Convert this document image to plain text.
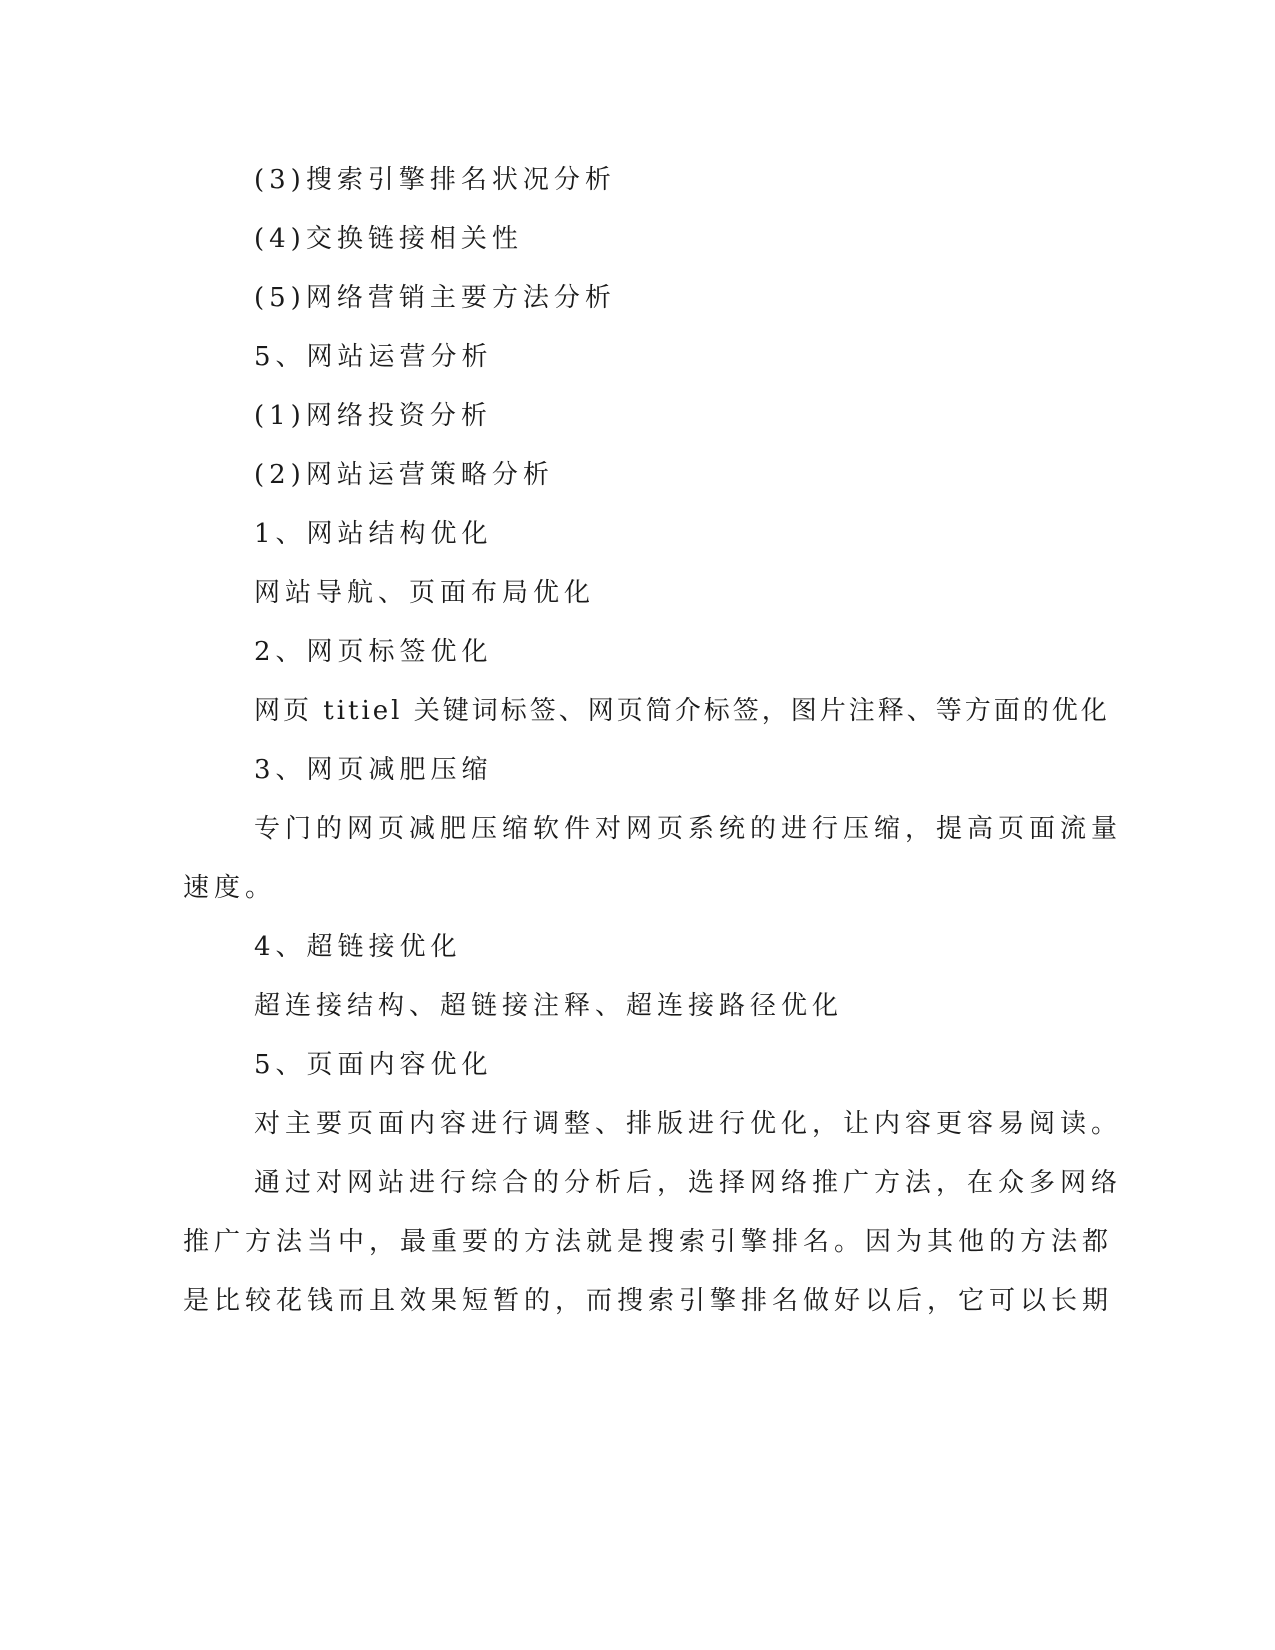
(3)搜索引擎排名状况分析

(4)交换链接相关性

(5)网络营销主要方法分析

5、网站运营分析

(1)网络投资分析

(2)网站运营策略分析

1、网站结构优化

网站导航、页面布局优化

2、网页标签优化

网页 titiel 关键词标签、网页简介标签，图片注释、等方面的优化

3、网页减肥压缩

专门的网页减肥压缩软件对网页系统的进行压缩，提高页面流量

速度。

4、超链接优化

超连接结构、超链接注释、超连接路径优化

5、页面内容优化

对主要页面内容进行调整、排版进行优化，让内容更容易阅读。

通过对网站进行综合的分析后，选择网络推广方法，在众多网络

推广方法当中，最重要的方法就是搜索引擎排名。因为其他的方法都

是比较花钱而且效果短暂的，而搜索引擎排名做好以后，它可以长期
